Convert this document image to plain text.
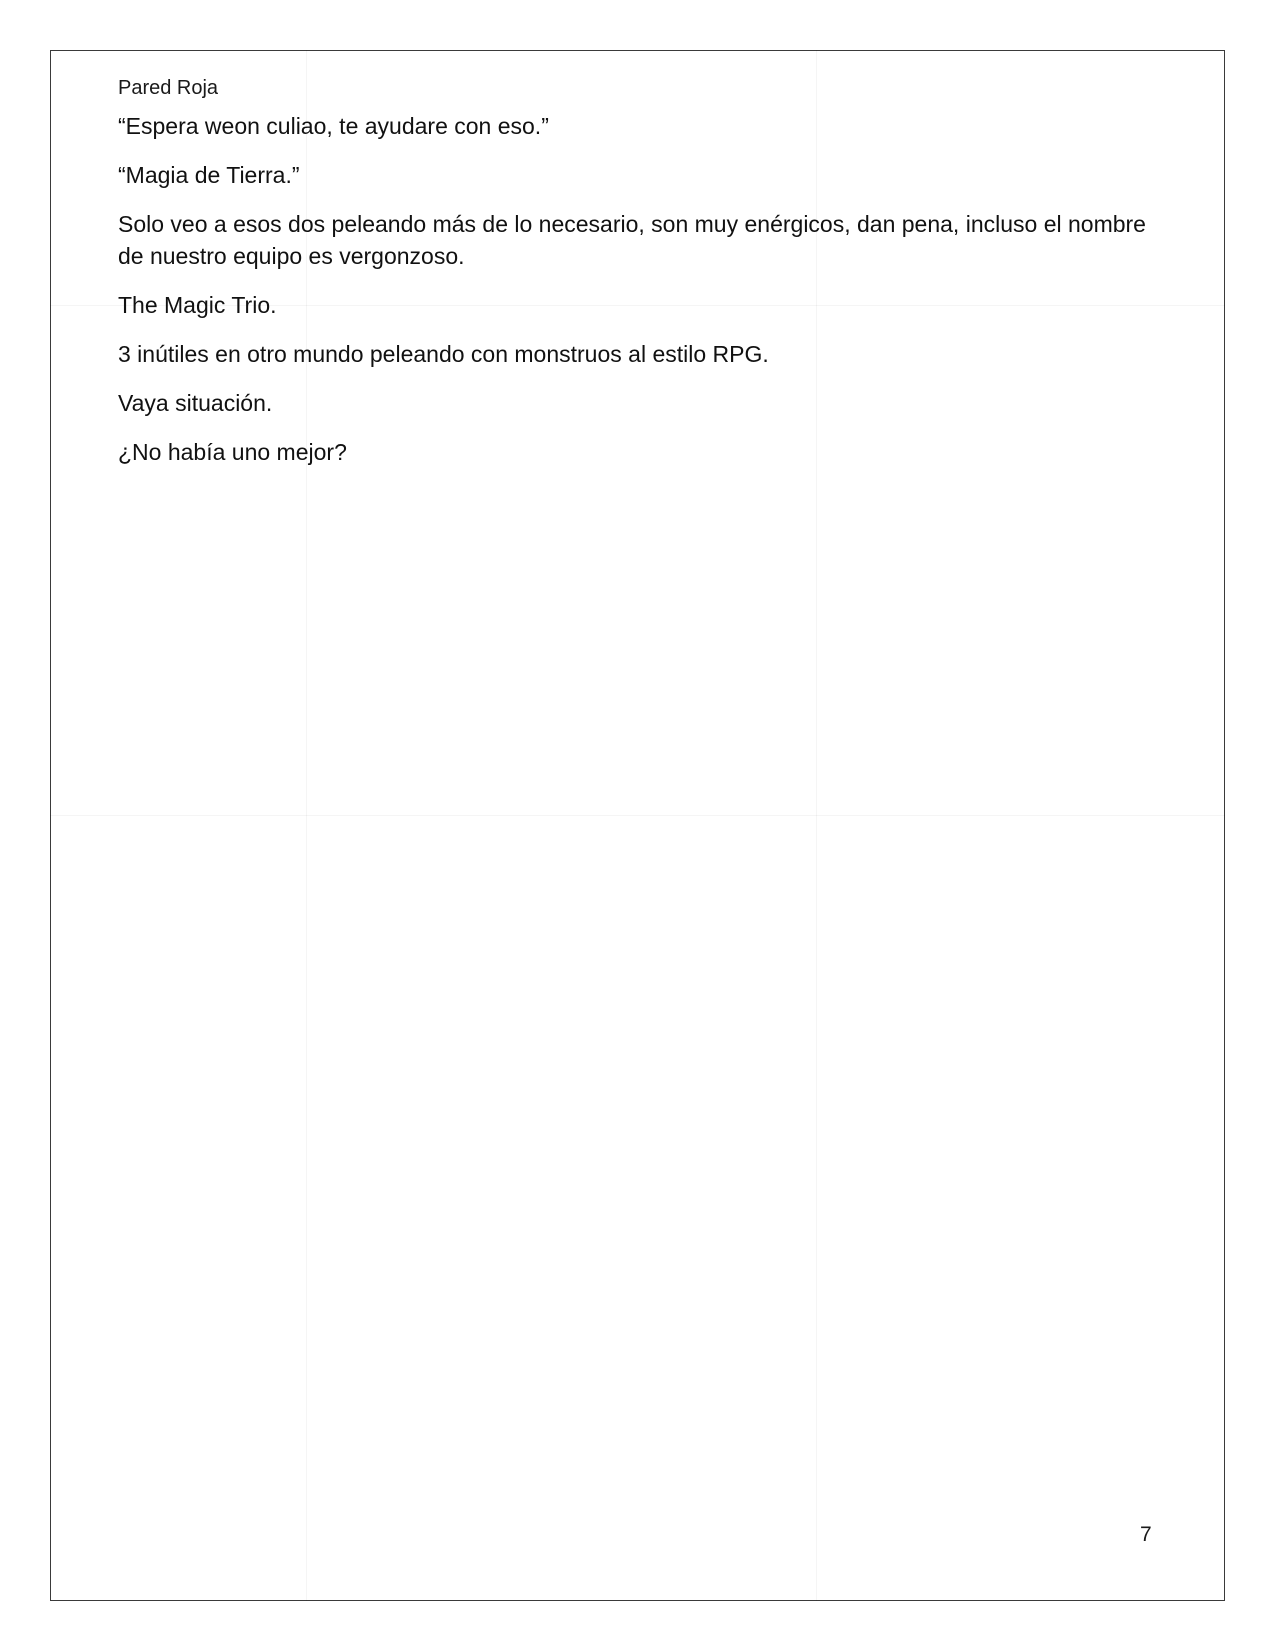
Pared Roja

“Espera weon culiao, te ayudare con eso.”

“Magia de Tierra.”

Solo veo a esos dos peleando más de lo necesario, son muy enérgicos, dan pena, incluso el nombre de nuestro equipo es vergonzoso.

The Magic Trio.

3 inútiles en otro mundo peleando con monstruos al estilo RPG.

Vaya situación.

¿No había uno mejor?

7
